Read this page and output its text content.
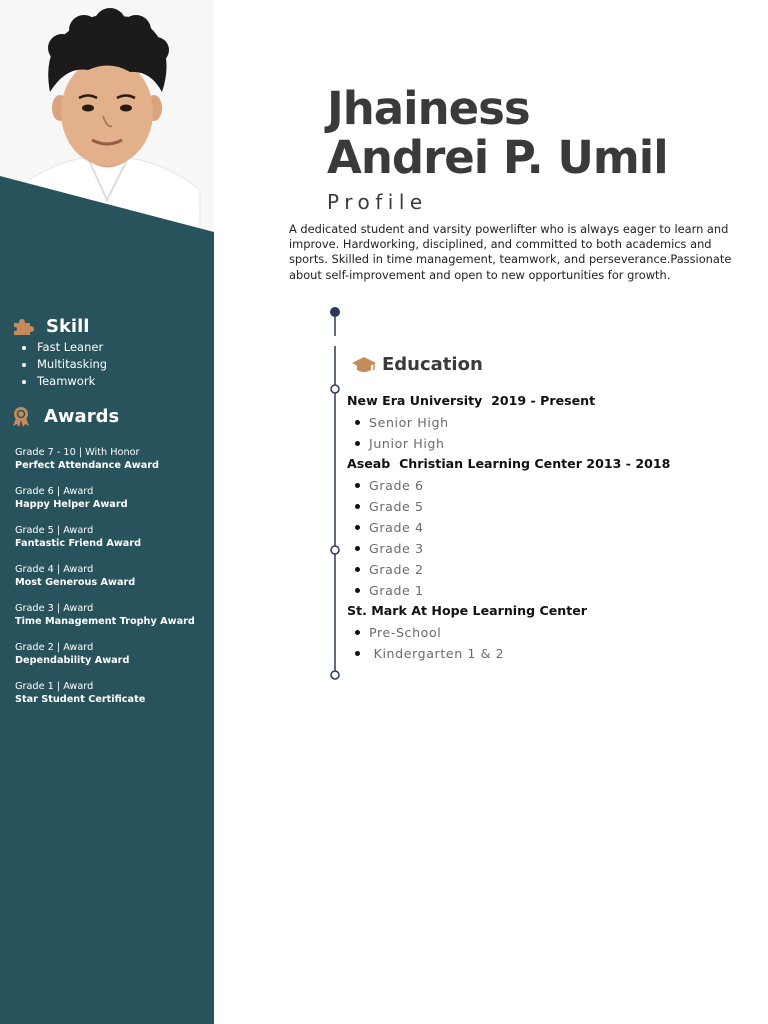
Skill
• Fast Leaner
• Multitasking
• Teamwork
Awards
Grade 7 - 10 | With Honor
Perfect Attendance Award
Grade 6 | Award
Happy Helper Award
Grade 5 | Award
Fantastic Friend Award
Grade 4 | Award
Most Generous Award
Grade 3 | Award
Time Management Trophy Award
Grade 2 | Award
Dependability Award
Grade 1 | Award
Star Student Certificate
Jhainess
Andrei P. Umil
Profile

A dedicated student and varsity powerlifter who is always eager to learn and improve. Hardworking, disciplined, and committed to both academics and sports. Skilled in time management, teamwork, and perseverance.Passionate about self-improvement and open to new opportunities for growth.

Education
New Era University  2019 - Present
Senior High
Junior High
Aseab  Christian Learning Center 2013 - 2018
Grade 6
Grade 5
Grade 4
Grade 3
Grade 2
Grade 1
St. Mark At Hope Learning Center
Pre-School
Kindergarten 1 & 2
